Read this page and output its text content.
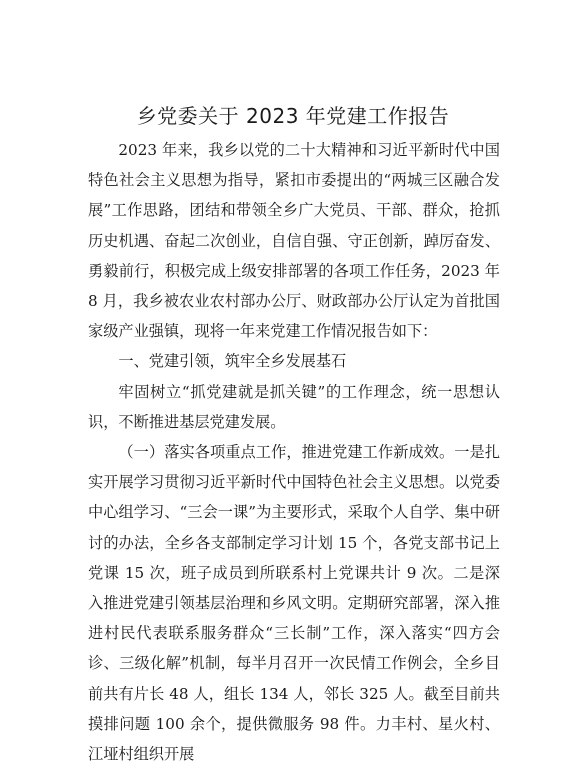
乡党委关于 2023 年党建工作报告

2023 年来，我乡以党的二十大精神和习近平新时代中国特色社会主义思想为指导，紧扣市委提出的“两城三区融合发展”工作思路，团结和带领全乡广大党员、干部、群众，抢抓历史机遇、奋起二次创业，自信自强、守正创新，踔厉奋发、勇毅前行，积极完成上级安排部署的各项工作任务，2023 年 8 月，我乡被农业农村部办公厅、财政部办公厅认定为首批国家级产业强镇，现将一年来党建工作情况报告如下：

一、党建引领，筑牢全乡发展基石

牢固树立“抓党建就是抓关键”的工作理念，统一思想认识，不断推进基层党建发展。

（一）落实各项重点工作，推进党建工作新成效。一是扎实开展学习贯彻习近平新时代中国特色社会主义思想。以党委中心组学习、“三会一课”为主要形式，采取个人自学、集中研讨的办法，全乡各支部制定学习计划 15 个，各党支部书记上党课 15 次，班子成员到所联系村上党课共计 9 次。二是深入推进党建引领基层治理和乡风文明。定期研究部署，深入推进村民代表联系服务群众“三长制”工作，深入落实“四方会诊、三级化解”机制，每半月召开一次民情工作例会，全乡目前共有片长 48 人，组长 134 人，邻长 325 人。截至目前共摸排问题 100 余个，提供微服务 98 件。力丰村、星火村、江垭村组织开展
